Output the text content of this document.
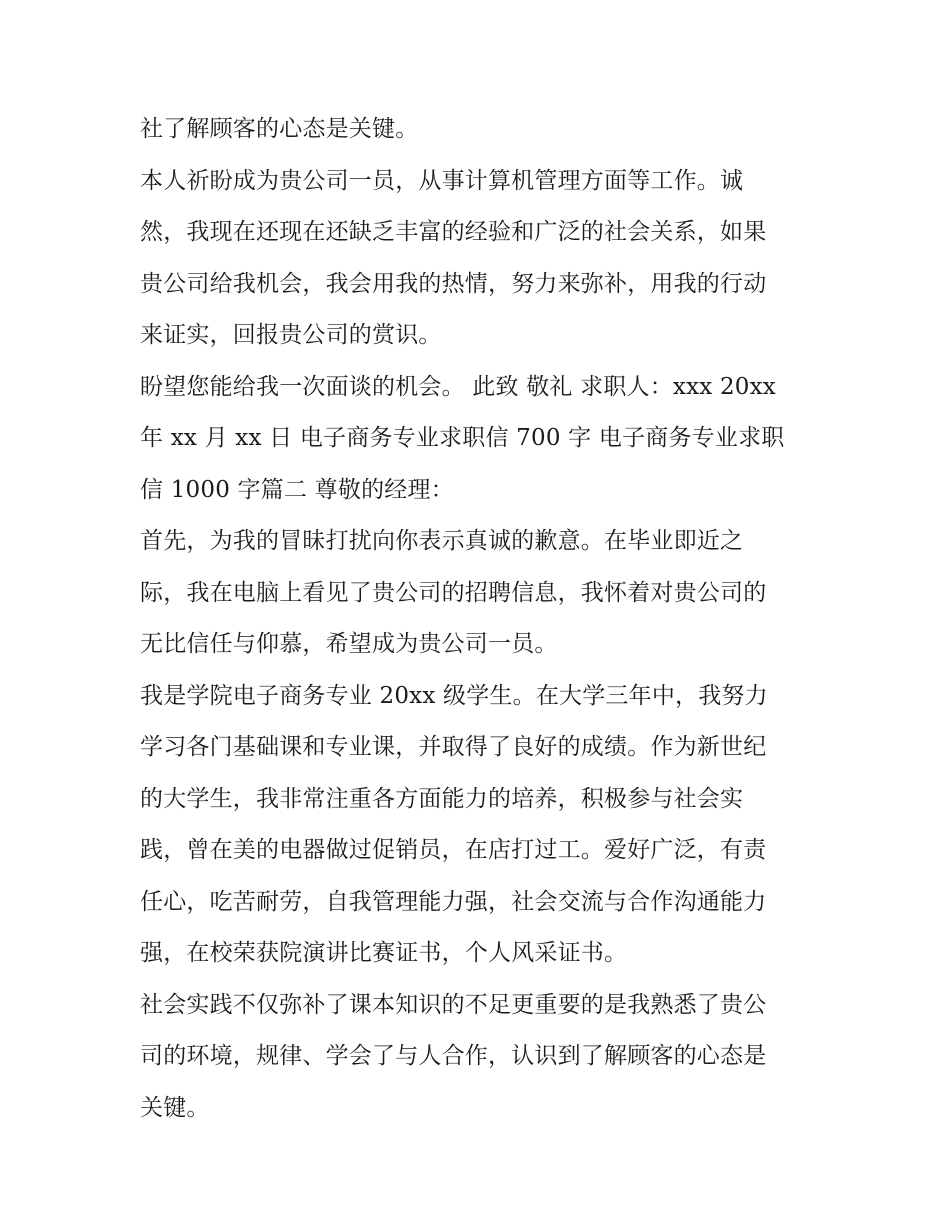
社了解顾客的心态是关键。

本人祈盼成为贵公司一员，从事计算机管理方面等工作。诚
然，我现在还现在还缺乏丰富的经验和广泛的社会关系，如果
贵公司给我机会，我会用我的热情，努力来弥补，用我的行动
来证实，回报贵公司的赏识。

盼望您能给我一次面谈的机会。 此致 敬礼 求职人：xxx 20xx
年 xx 月 xx 日 电子商务专业求职信 700 字 电子商务专业求职
信 1000 字篇二 尊敬的经理：

首先，为我的冒昧打扰向你表示真诚的歉意。在毕业即近之
际，我在电脑上看见了贵公司的招聘信息，我怀着对贵公司的
无比信任与仰慕，希望成为贵公司一员。

我是学院电子商务专业 20xx 级学生。在大学三年中，我努力
学习各门基础课和专业课，并取得了良好的成绩。作为新世纪
的大学生，我非常注重各方面能力的培养，积极参与社会实
践，曾在美的电器做过促销员，在店打过工。爱好广泛，有责
任心，吃苦耐劳，自我管理能力强，社会交流与合作沟通能力
强，在校荣获院演讲比赛证书，个人风采证书。

社会实践不仅弥补了课本知识的不足更重要的是我熟悉了贵公
司的环境，规律、学会了与人合作，认识到了解顾客的心态是
关键。
